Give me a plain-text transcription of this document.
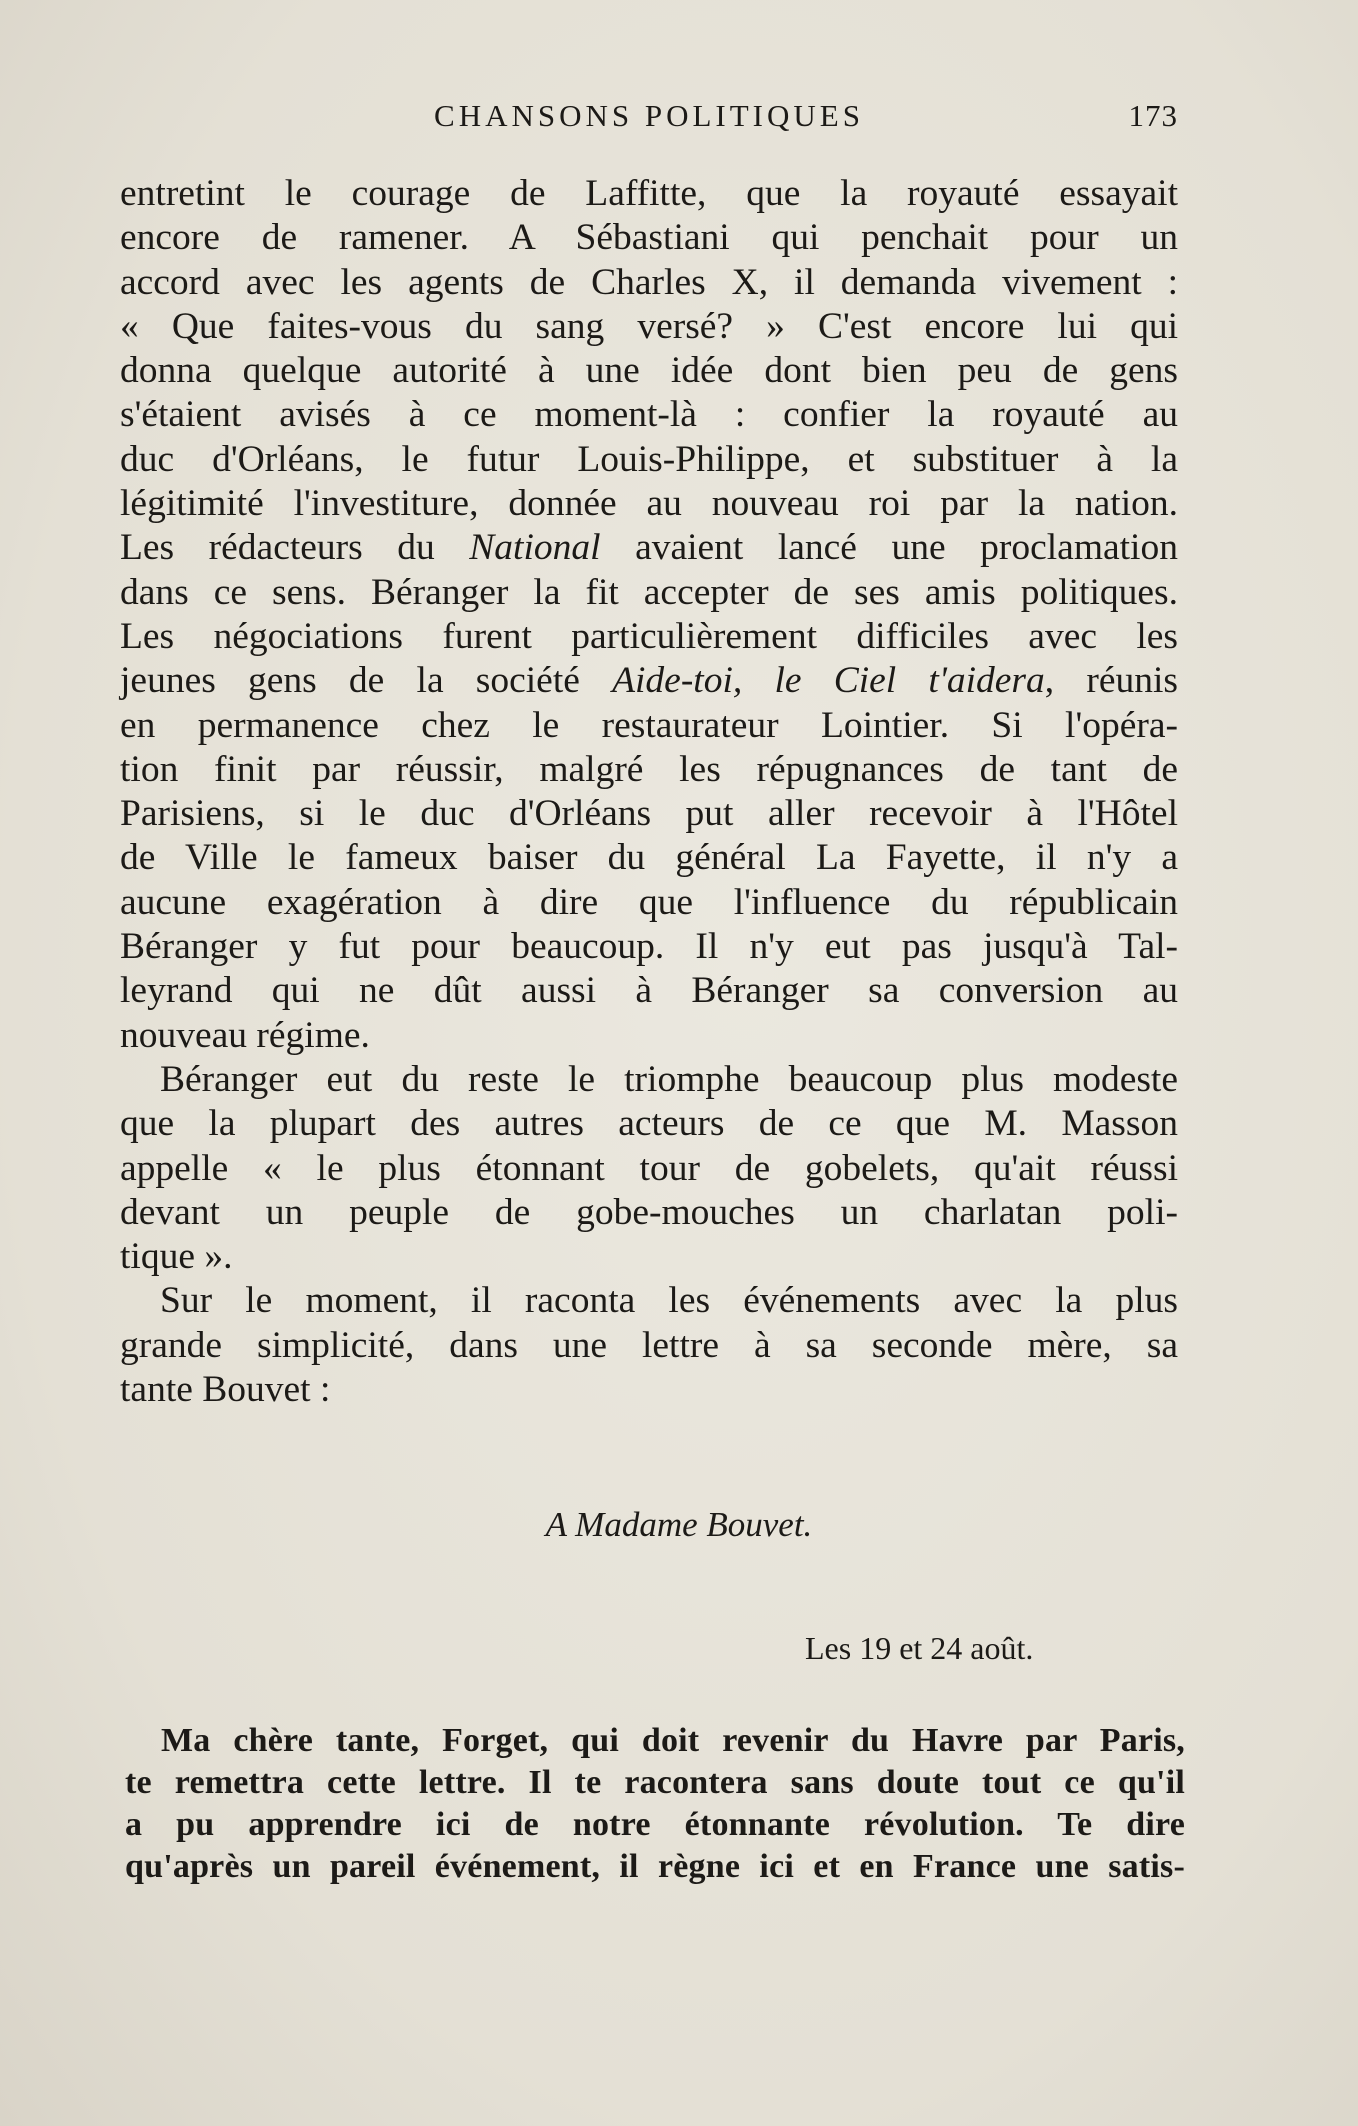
CHANSONS POLITIQUES	173
entretint le courage de Laffitte, que la royauté essayait
encore de ramener. A Sébastiani qui penchait pour un
accord avec les agents de Charles X, il demanda vivement :
« Que faites-vous du sang versé? » C'est encore lui qui
donna quelque autorité à une idée dont bien peu de gens
s'étaient avisés à ce moment-là : confier la royauté au
duc d'Orléans, le futur Louis-Philippe, et substituer à la
légitimité l'investiture, donnée au nouveau roi par la nation.
Les rédacteurs du National avaient lancé une proclamation
dans ce sens. Béranger la fit accepter de ses amis politiques.
Les négociations furent particulièrement difficiles avec les
jeunes gens de la société Aide-toi, le Ciel t'aidera, réunis
en permanence chez le restaurateur Lointier. Si l'opéra-
tion finit par réussir, malgré les répugnances de tant de
Parisiens, si le duc d'Orléans put aller recevoir à l'Hôtel
de Ville le fameux baiser du général La Fayette, il n'y a
aucune exagération à dire que l'influence du républicain
Béranger y fut pour beaucoup. Il n'y eut pas jusqu'à Tal-
leyrand qui ne dût aussi à Béranger sa conversion au
nouveau régime.
Béranger eut du reste le triomphe beaucoup plus modeste
que la plupart des autres acteurs de ce que M. Masson
appelle « le plus étonnant tour de gobelets, qu'ait réussi
devant un peuple de gobe-mouches un charlatan poli-
tique ».
Sur le moment, il raconta les événements avec la plus
grande simplicité, dans une lettre à sa seconde mère, sa
tante Bouvet :
A Madame Bouvet.
Les 19 et 24 août.
Ma chère tante, Forget, qui doit revenir du Havre par Paris,
te remettra cette lettre. Il te racontera sans doute tout ce qu'il
a pu apprendre ici de notre étonnante révolution. Te dire
qu'après un pareil événement, il règne ici et en France une satis-
